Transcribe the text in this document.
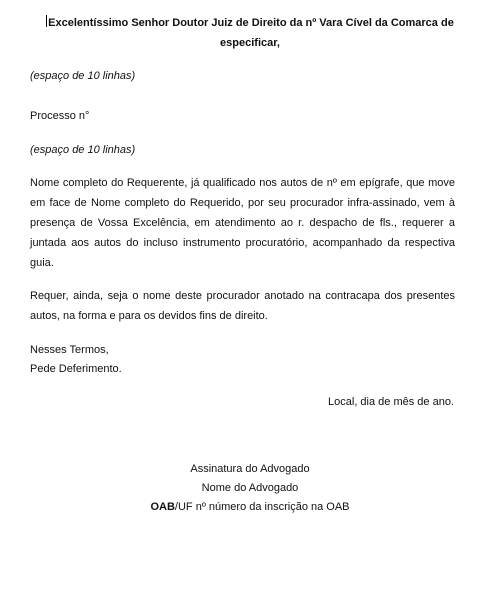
Excelentíssimo Senhor Doutor Juiz de Direito da nº Vara Cível da Comarca de
especificar,
(espaço de 10 linhas)
Processo n°
(espaço de 10 linhas)

Nome completo do Requerente, já qualificado nos autos de nº em epígrafe, que move em face de Nome completo do Requerido, por seu procurador infra-assinado, vem à presença de Vossa Excelência, em atendimento ao r. despacho de fls., requerer a juntada aos autos do incluso instrumento procuratório, acompanhado da respectiva guia.

Requer, ainda, seja o nome deste procurador anotado na contracapa dos presentes autos, na forma e para os devidos fins de direito.

Nesses Termos,
Pede Deferimento.
Local, dia de mês de ano.
Assinatura do Advogado
Nome do Advogado
OAB/UF nº número da inscrição na OAB
